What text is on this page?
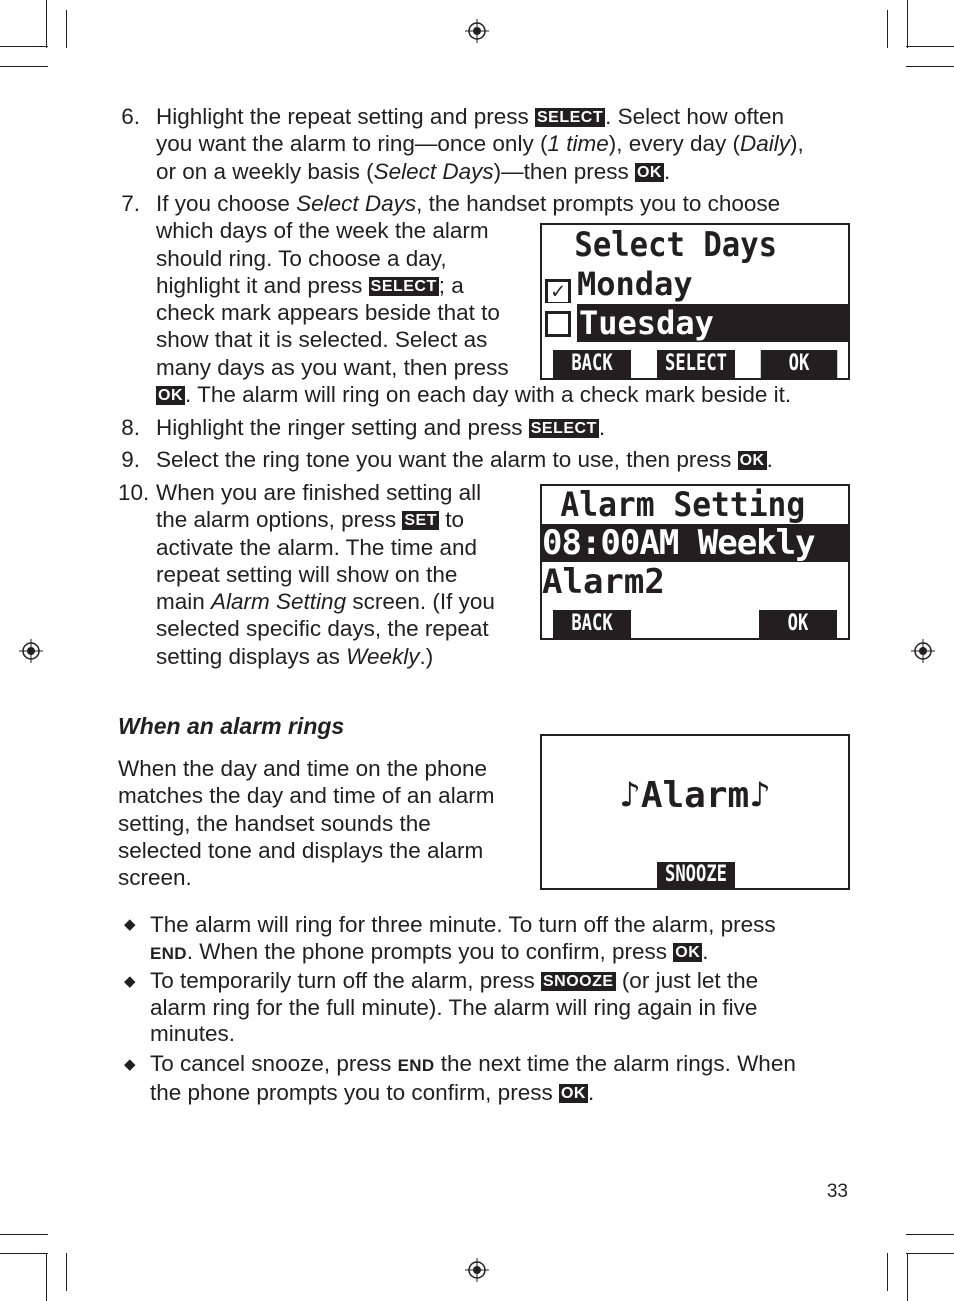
6. Highlight the repeat setting and press SELECT. Select how often
you want the alarm to ring—once only (1 time), every day (Daily),
or on a weekly basis (Select Days)—then press OK.
7. If you choose Select Days, the handset prompts you to choose
which days of the week the alarm
should ring. To choose a day,
highlight it and press SELECT; a
check mark appears beside that to
show that it is selected. Select as
many days as you want, then press
OK. The alarm will ring on each day with a check mark beside it.
8. Highlight the ringer setting and press SELECT.
9. Select the ring tone you want the alarm to use, then press OK.
10. When you are finished setting all
the alarm options, press SET to
activate the alarm. The time and
repeat setting will show on the
main Alarm Setting screen. (If you
selected specific days, the repeat
setting displays as Weekly.)
Select Days
✓ Monday
Tuesday
BACK	SELECT	OK
Alarm Setting
08:00AM Weekly
Alarm2
BACK	OK
When an alarm rings
When the day and time on the phone
matches the day and time of an alarm
setting, the handset sounds the
selected tone and displays the alarm
screen.
♪Alarm♪
SNOOZE
◆ The alarm will ring for three minute. To turn off the alarm, press
END. When the phone prompts you to confirm, press OK.
◆ To temporarily turn off the alarm, press SNOOZE (or just let the
alarm ring for the full minute). The alarm will ring again in five
minutes.
◆ To cancel snooze, press END the next time the alarm rings. When
the phone prompts you to confirm, press OK.
33
